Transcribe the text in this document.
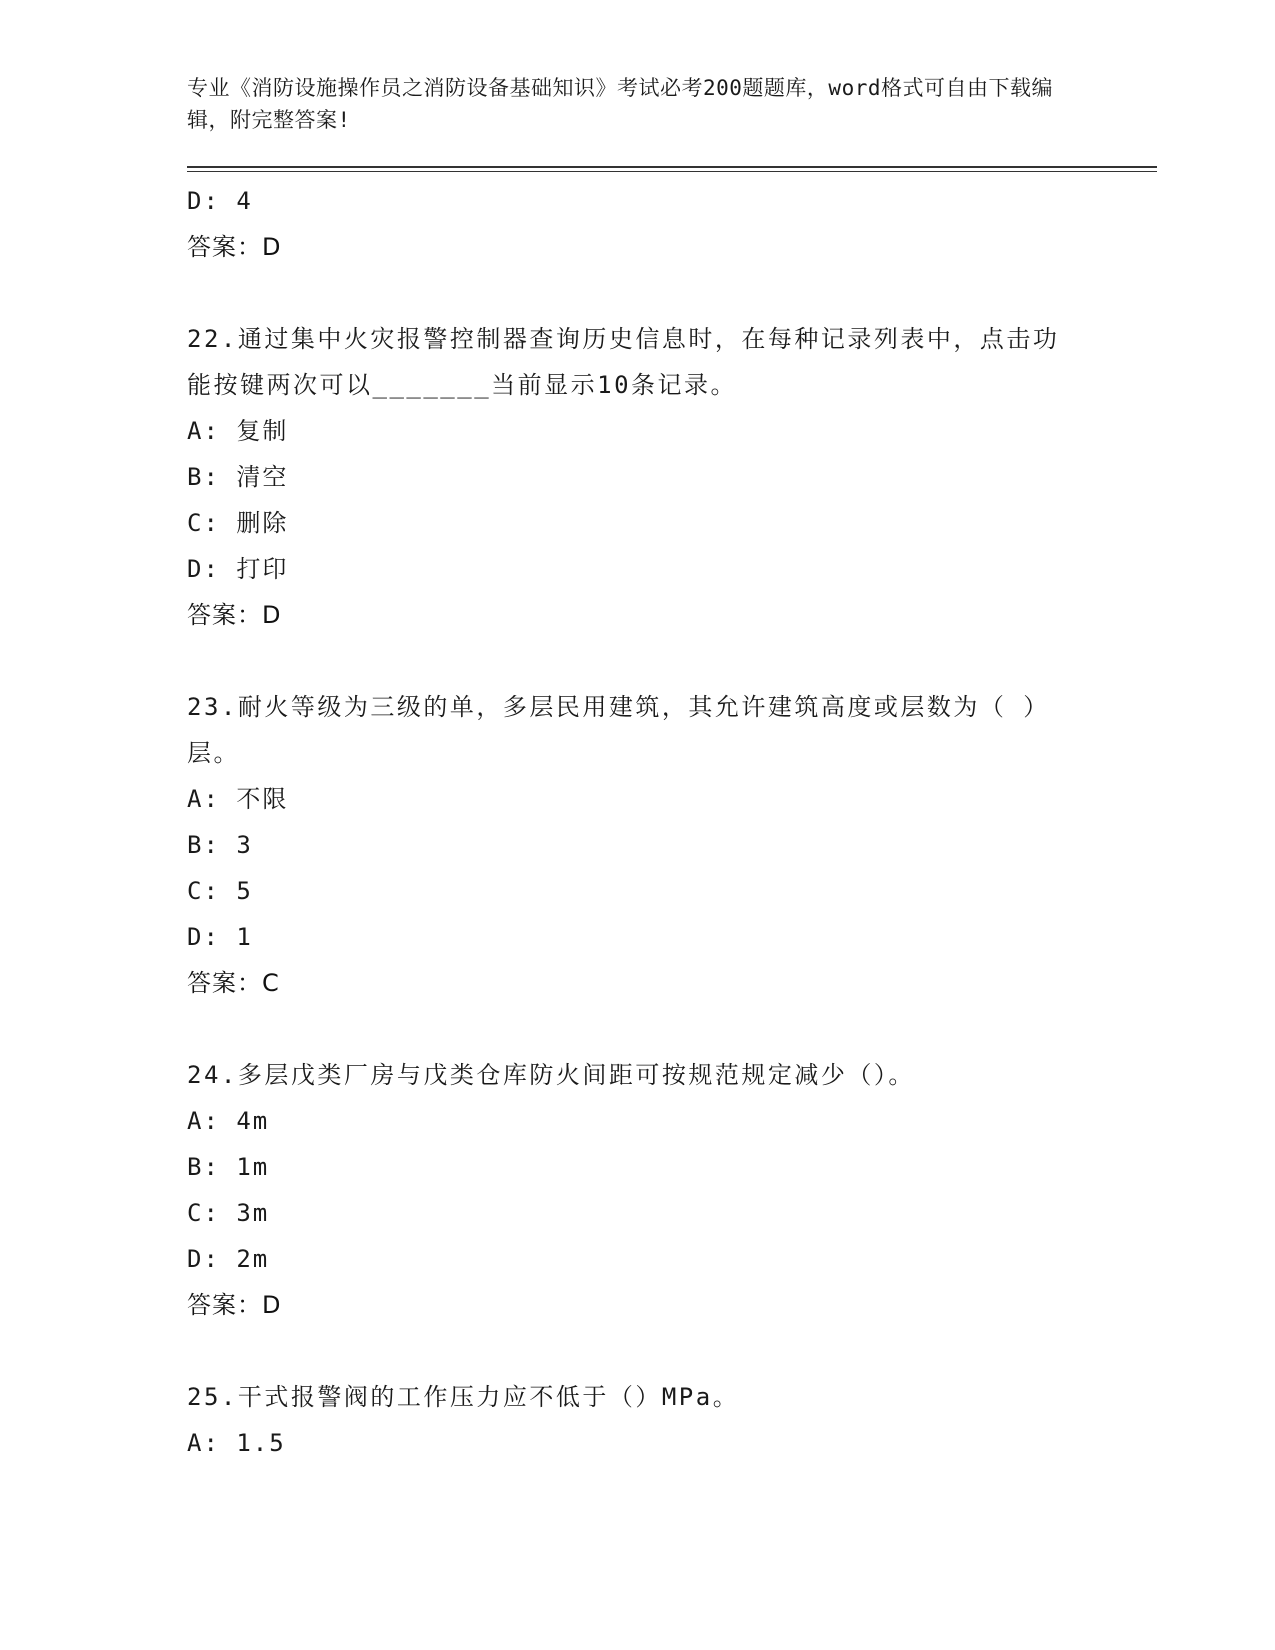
专业《消防设施操作员之消防设备基础知识》考试必考200题题库，word格式可自由下载编辑，附完整答案!
D: 4
答案：D
22.通过集中火灾报警控制器查询历史信息时，在每种记录列表中，点击功能按键两次可以_______当前显示10条记录。
A: 复制
B: 清空
C: 删除
D: 打印
答案：D
23.耐火等级为三级的单，多层民用建筑，其允许建筑高度或层数为（ ）层。
A: 不限
B: 3
C: 5
D: 1
答案：C
24.多层戊类厂房与戊类仓库防火间距可按规范规定减少（）。
A: 4m
B: 1m
C: 3m
D: 2m
答案：D
25.干式报警阀的工作压力应不低于（）MPa。
A: 1.5
